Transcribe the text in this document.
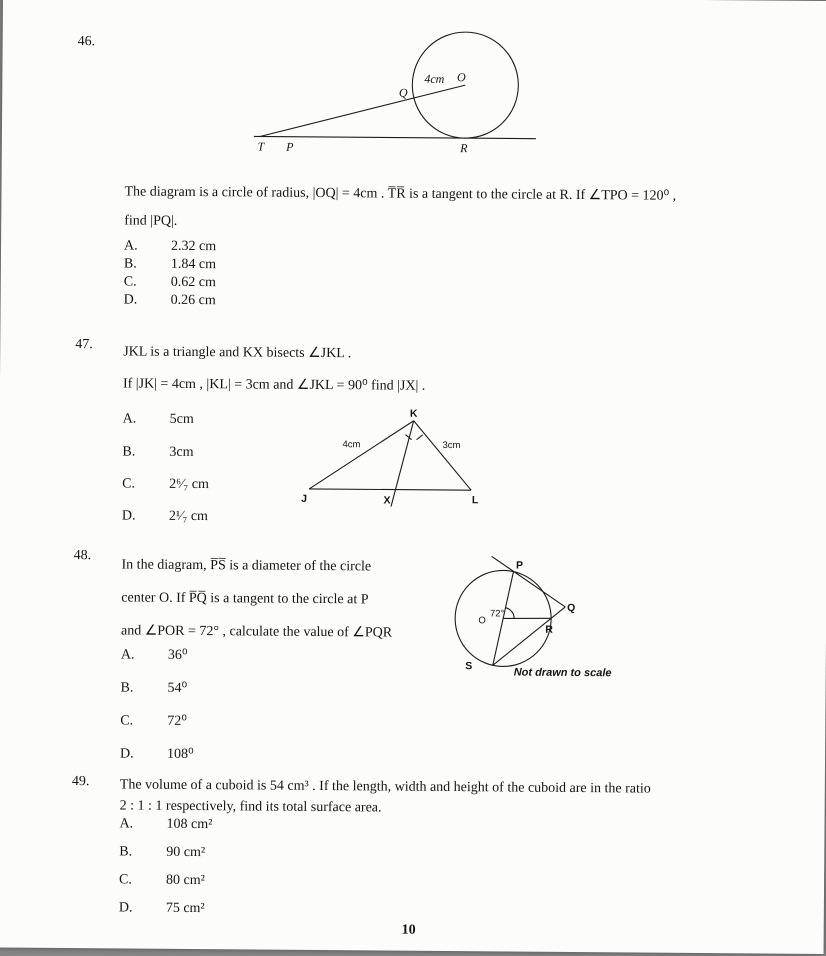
46.
T P	R
Q
4cm O
The diagram is a circle of radius, |OQ| = 4cm . T̅R̅ is a tangent to the circle at R. If ∠TPO = 120⁰ ,
find |PQ|.
A. 2.32 cm
B. 1.84 cm
C. 0.62 cm
D. 0.26 cm
47. JKL is a triangle and KX bisects ∠JKL .
If |JK| = 4cm , |KL| = 3cm and ∠JKL = 90⁰ find |JX| .
K
J	X	L
4cm	3cm
A. 5cm
B. 3cm
C. 2⁶⁄₇ cm
D. 2¹⁄₇ cm
48.
In the diagram, P̅S̅ is a diameter of the circle
center O. If P̅Q̅ is a tangent to the circle at P
and ∠POR = 72° , calculate the value of ∠PQR
P
Q
R
S
O
72°
Not drawn to scale
A. 36⁰
B. 54⁰
C. 72⁰
D. 108⁰
49. The volume of a cuboid is 54 cm³ . If the length, width and height of the cuboid are in the ratio
2 : 1 : 1 respectively, find its total surface area.
A. 108 cm²
B. 90 cm²
C. 80 cm²
D. 75 cm²
10
